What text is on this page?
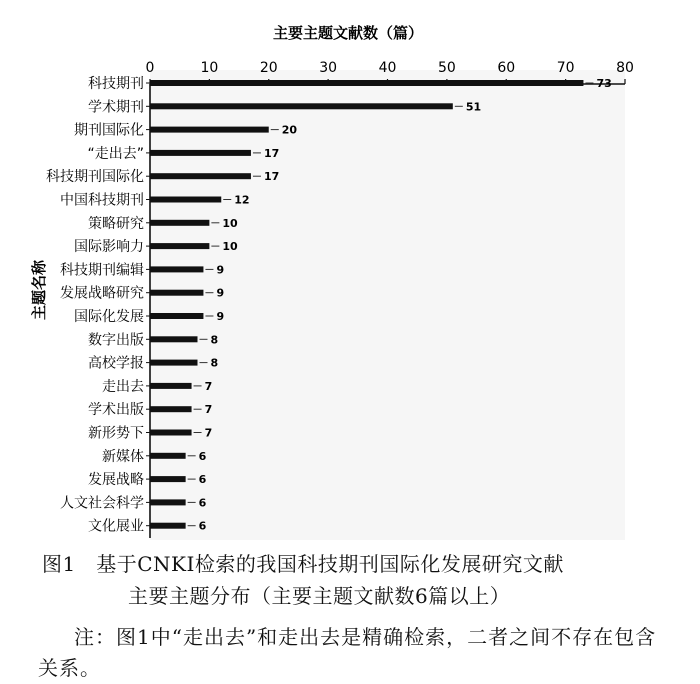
主要主题文献数（篇）
0	10	20	30	40	50	60	70	80
科技期刊
学术期刊
期刊国际化
“走出去”
科技期刊国际化
中国科技期刊
策略研究
国际影响力
科技期刊编辑
发展战略研究
国际化发展
数字出版
高校学报
走出去
学术出版
新形势下
新媒体
发展战略
人文社会科学
文化展业
73
51
20
17
17
12
10
10
9
9
9
8
8
7
7
7
6
6
6
6
主题名称
图1　基于CNKI检索的我国科技期刊国际化发展研究文献
主要主题分布（主要主题文献数6篇以上）
注：图1中“走出去”和走出去是精确检索，二者之间不存在包含关系。
